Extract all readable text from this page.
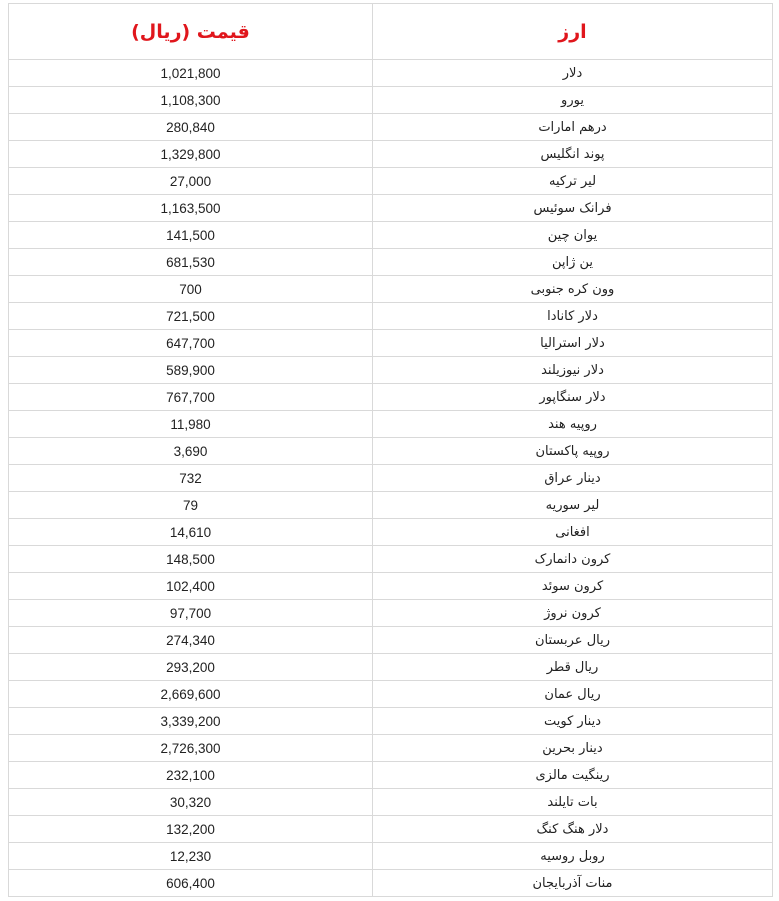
قیمت (ریال)	ارز
1,021,800	دلار
1,108,300	یورو
280,840	درهم امارات
1,329,800	پوند انگلیس
27,000	لیر ترکیه
1,163,500	فرانک سوئیس
141,500	یوان چین
681,530	ین ژاپن
700	وون کره جنوبی
721,500	دلار کانادا
647,700	دلار استرالیا
589,900	دلار نیوزیلند
767,700	دلار سنگاپور
11,980	روپیه هند
3,690	روپیه پاکستان
732	دینار عراق
79	لیر سوریه
14,610	افغانی
148,500	کرون دانمارک
102,400	کرون سوئد
97,700	کرون نروژ
274,340	ریال عربستان
293,200	ریال قطر
2,669,600	ریال عمان
3,339,200	دینار کویت
2,726,300	دینار بحرین
232,100	رینگیت مالزی
30,320	بات تایلند
132,200	دلار هنگ کنگ
12,230	روبل روسیه
606,400	منات آذربایجان
